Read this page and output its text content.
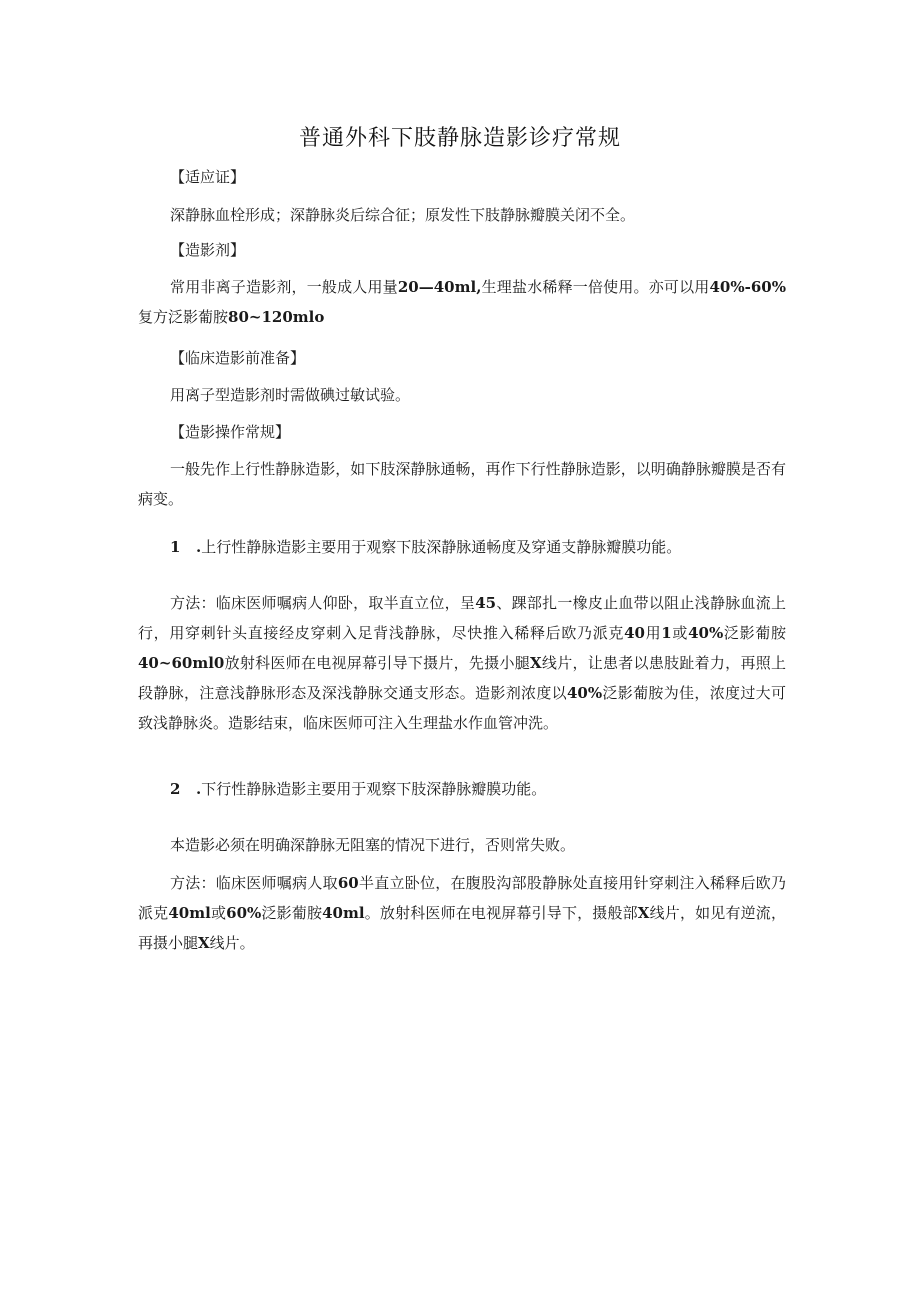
普通外科下肢静脉造影诊疗常规
【适应证】
深静脉血栓形成；深静脉炎后综合征；原发性下肢静脉瓣膜关闭不全。
【造影剂】
常用非离子造影剂，一般成人用量20—40ml,生理盐水稀释一倍使用。亦可以用40%-60%复方泛影葡胺80~120mlo
【临床造影前准备】
用离子型造影剂时需做碘过敏试验。
【造影操作常规】
一般先作上行性静脉造影，如下肢深静脉通畅，再作下行性静脉造影，以明确静脉瓣膜是否有病变。
1 .上行性静脉造影主要用于观察下肢深静脉通畅度及穿通支静脉瓣膜功能。
方法：临床医师嘱病人仰卧，取半直立位，呈45、踝部扎一橡皮止血带以阻止浅静脉血流上行，用穿刺针头直接经皮穿刺入足背浅静脉，尽快推入稀释后欧乃派克40用1或40%泛影葡胺40~60ml0放射科医师在电视屏幕引导下摄片，先摄小腿X线片，让患者以患肢趾着力，再照上段静脉，注意浅静脉形态及深浅静脉交通支形态。造影剂浓度以40%泛影葡胺为佳，浓度过大可致浅静脉炎。造影结束，临床医师可注入生理盐水作血管冲洗。
2 .下行性静脉造影主要用于观察下肢深静脉瓣膜功能。
本造影必须在明确深静脉无阻塞的情况下进行，否则常失败。
方法：临床医师嘱病人取60半直立卧位，在腹股沟部股静脉处直接用针穿刺注入稀释后欧乃派克40ml或60%泛影葡胺40ml。放射科医师在电视屏幕引导下，摄般部X线片，如见有逆流，再摄小腿X线片。
